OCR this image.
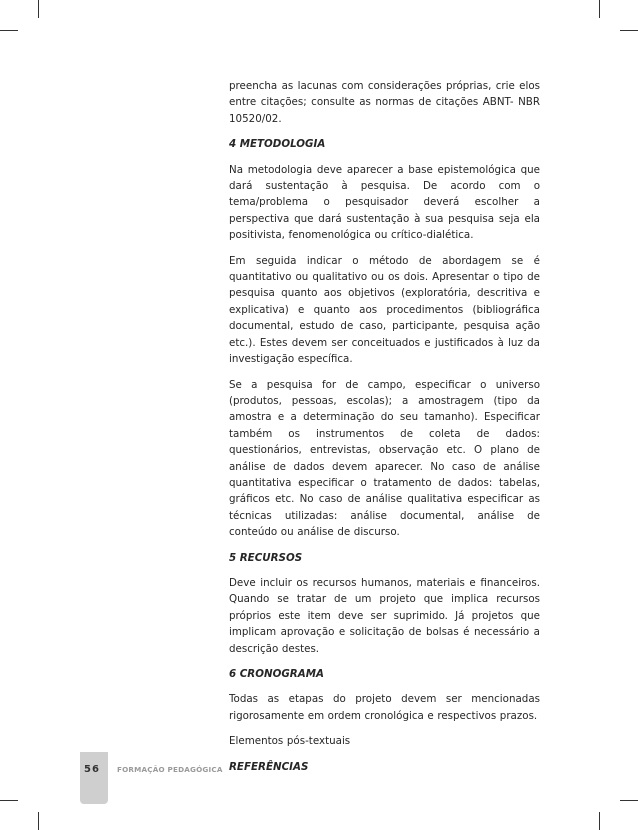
preencha as lacunas com considerações próprias, crie elos entre citações; consulte as normas de citações ABNT- NBR 10520/02.

4 METODOLOGIA

Na metodologia deve aparecer a base epistemológica que dará sustentação à pesquisa. De acordo com o tema/problema o pesquisador deverá escolher a perspectiva que dará sustentação à sua pesquisa seja ela positivista, fenomenológica ou crítico-dialética.

Em seguida indicar o método de abordagem se é quantitativo ou qualitativo ou os dois. Apresentar o tipo de pesquisa quanto aos objetivos (exploratória, descritiva e explicativa) e quanto aos procedimentos (bibliográfica documental, estudo de caso, participante, pesquisa ação etc.). Estes devem ser conceituados e justificados à luz da investigação específica.

Se a pesquisa for de campo, especificar o universo (produtos, pessoas, escolas); a amostragem (tipo da amostra e a determinação do seu tamanho). Especificar também os instrumentos de coleta de dados: questionários, entrevistas, observação etc. O plano de análise de dados devem aparecer. No caso de análise quantitativa especificar o tratamento de dados: tabelas, gráficos etc. No caso de análise qualitativa especificar as técnicas utilizadas: análise documental, análise de conteúdo ou análise de discurso.

5 RECURSOS

Deve incluir os recursos humanos, materiais e financeiros. Quando se tratar de um projeto que implica recursos próprios este item deve ser suprimido. Já projetos que implicam aprovação e solicitação de bolsas é necessário a descrição destes.

6 CRONOGRAMA

Todas as etapas do projeto devem ser mencionadas rigorosamente em ordem cronológica e respectivos prazos.

Elementos pós-textuais

REFERÊNCIAS

56 FORMAÇÃO PEDAGÓGICA
